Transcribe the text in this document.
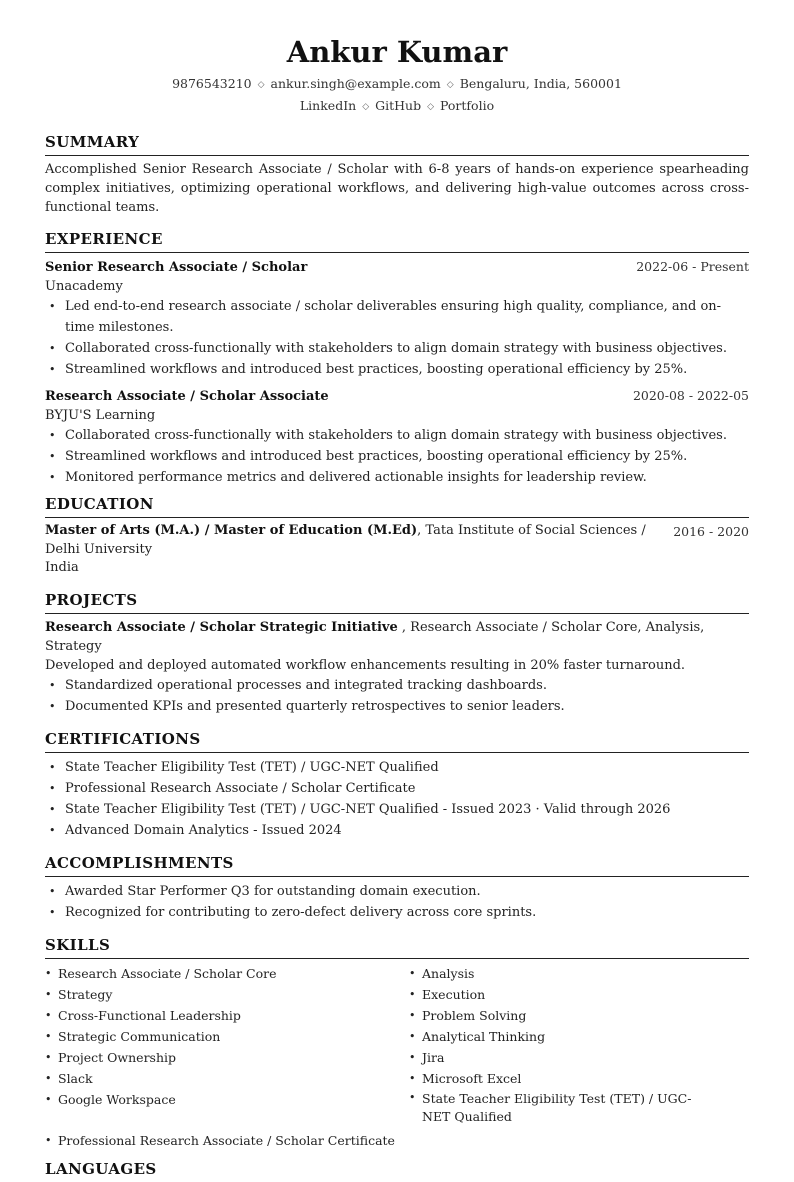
Ankur Kumar
9876543210 ◇ ankur.singh@example.com ◇ Bengaluru, India, 560001
LinkedIn ◇ GitHub ◇ Portfolio
SUMMARY
Accomplished Senior Research Associate / Scholar with 6-8 years of hands-on experience spearheading complex initiatives, optimizing operational workflows, and delivering high-value outcomes across cross-functional teams.
EXPERIENCE
Senior Research Associate / Scholar	2022-06 - Present
Unacademy
• Led end-to-end research associate / scholar deliverables ensuring high quality, compliance, and on-time milestones.
• Collaborated cross-functionally with stakeholders to align domain strategy with business objectives.
• Streamlined workflows and introduced best practices, boosting operational efficiency by 25%.
Research Associate / Scholar Associate	2020-08 - 2022-05
BYJU'S Learning
• Collaborated cross-functionally with stakeholders to align domain strategy with business objectives.
• Streamlined workflows and introduced best practices, boosting operational efficiency by 25%.
• Monitored performance metrics and delivered actionable insights for leadership review.
EDUCATION
Master of Arts (M.A.) / Master of Education (M.Ed), Tata Institute of Social Sciences / Delhi University
India
2016 - 2020
PROJECTS
Research Associate / Scholar Strategic Initiative , Research Associate / Scholar Core, Analysis, Strategy
Developed and deployed automated workflow enhancements resulting in 20% faster turnaround.
• Standardized operational processes and integrated tracking dashboards.
• Documented KPIs and presented quarterly retrospectives to senior leaders.
CERTIFICATIONS
• State Teacher Eligibility Test (TET) / UGC-NET Qualified
• Professional Research Associate / Scholar Certificate
• State Teacher Eligibility Test (TET) / UGC-NET Qualified - Issued 2023 · Valid through 2026
• Advanced Domain Analytics - Issued 2024
ACCOMPLISHMENTS
• Awarded Star Performer Q3 for outstanding domain execution.
• Recognized for contributing to zero-defect delivery across core sprints.
SKILLS
• Research Associate / Scholar Core	• Analysis
• Strategy	• Execution
• Cross-Functional Leadership	• Problem Solving
• Strategic Communication	• Analytical Thinking
• Project Ownership	• Jira
• Slack	• Microsoft Excel
• Google Workspace	• State Teacher Eligibility Test (TET) / UGC-NET Qualified
• Professional Research Associate / Scholar Certificate
LANGUAGES
